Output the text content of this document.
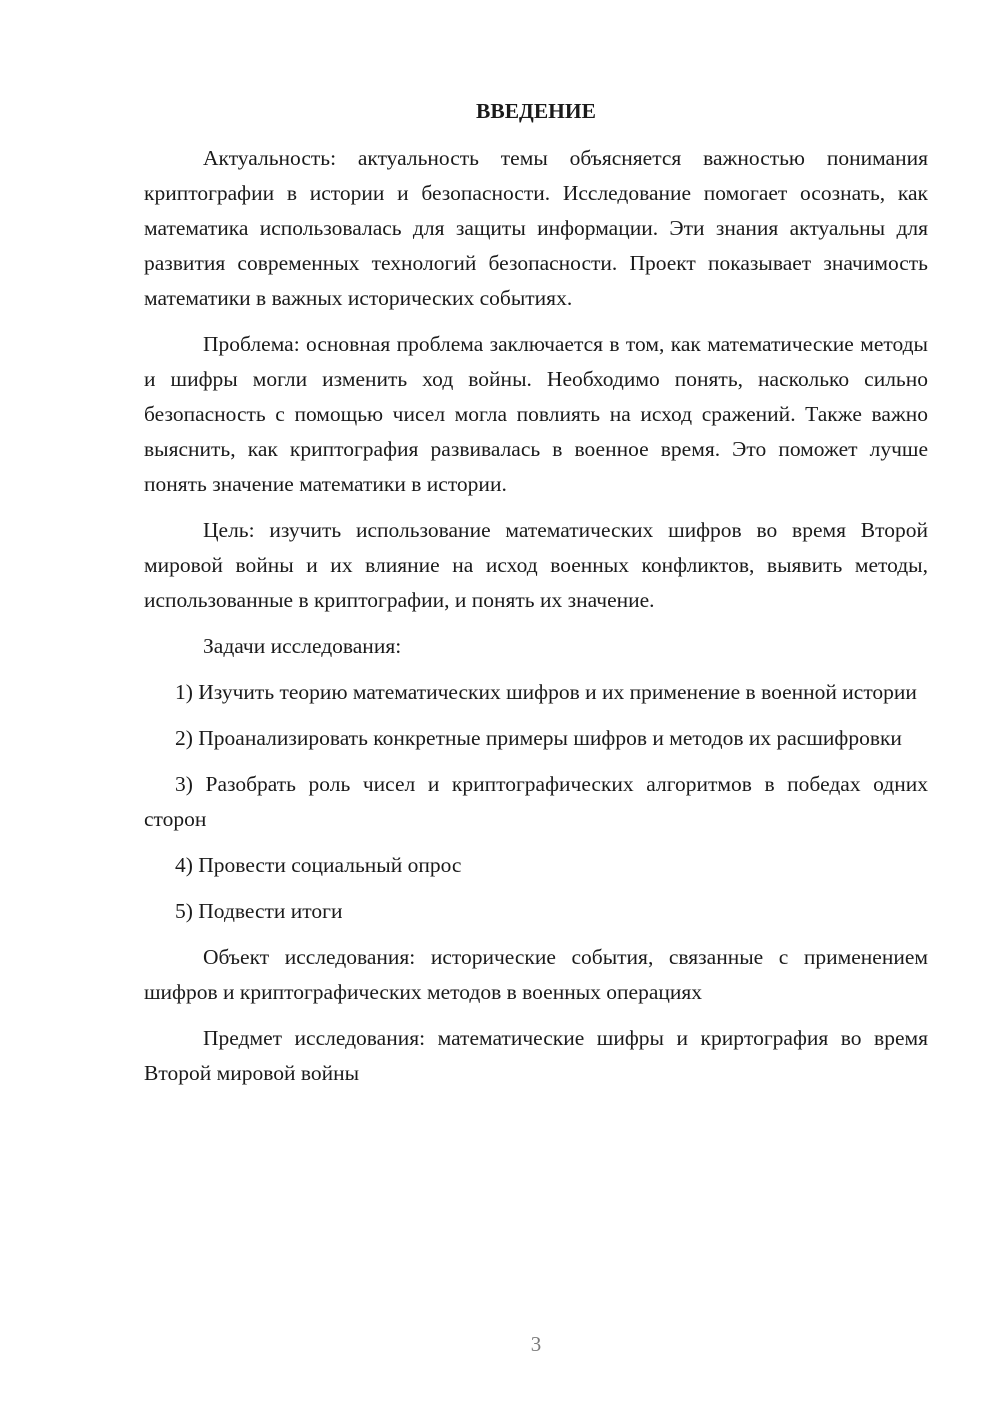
ВВЕДЕНИЕ

Актуальность: актуальность темы объясняется важностью понимания криптографии в истории и безопасности. Исследование помогает осознать, как математика использовалась для защиты информации. Эти знания актуальны для развития современных технологий безопасности. Проект показывает значимость математики в важных исторических событиях.

Проблема: основная проблема заключается в том, как математические методы и шифры могли изменить ход войны. Необходимо понять, насколько сильно безопасность с помощью чисел могла повлиять на исход сражений. Также важно выяснить, как криптография развивалась в военное время. Это поможет лучше понять значение математики в истории.

Цель: изучить использование математических шифров во время Второй мировой войны и их влияние на исход военных конфликтов, выявить методы, использованные в криптографии, и понять их значение.

Задачи исследования:

1) Изучить теорию математических шифров и их применение в военной истории

2) Проанализировать конкретные примеры шифров и методов их расшифровки

3) Разобрать роль чисел и криптографических алгоритмов в победах одних сторон

4) Провести социальный опрос

5) Подвести итоги

Объект исследования: исторические события, связанные с применением шифров и криптографических методов в военных операциях

Предмет исследования: математические шифры и криpтография во время Второй мировой войны

3
